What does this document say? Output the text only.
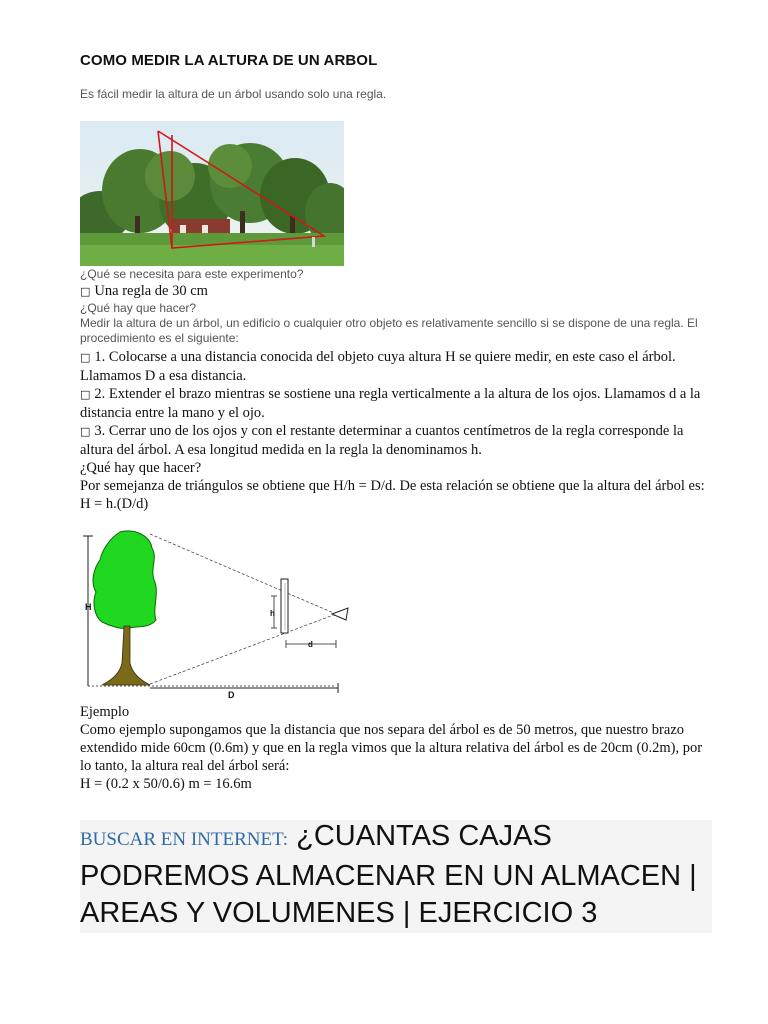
COMO MEDIR LA ALTURA DE UN ARBOL
Es fácil medir la altura de un árbol usando solo una regla.
¿Qué se necesita para este experimento?
□ Una regla de 30 cm
¿Qué hay que hacer?
Medir la altura de un árbol, un edificio o cualquier otro objeto es relativamente sencillo si se dispone de una regla. El procedimiento es el siguiente:
□ 1. Colocarse a una distancia conocida del objeto cuya altura H se quiere medir, en este caso el árbol. Llamamos D a esa distancia.
□ 2. Extender el brazo mientras se sostiene una regla verticalmente a la altura de los ojos. Llamamos d a la distancia entre la mano y el ojo.
□ 3. Cerrar uno de los ojos y con el restante determinar a cuantos centímetros de la regla corresponde la altura del árbol. A esa longitud medida en la regla la denominamos h.
¿Qué hay que hacer?
Por semejanza de triángulos se obtiene que H/h = D/d. De esta relación se obtiene que la altura del árbol es:
H = h.(D/d)
H
D
h
d
Ejemplo
Como ejemplo supongamos que la distancia que nos separa del árbol es de 50 metros, que nuestro brazo extendido mide 60cm (0.6m) y que en la regla vimos que la altura relativa del árbol es de 20cm (0.2m), por lo tanto, la altura real del árbol será:
H = (0.2 x 50/0.6) m = 16.6m
BUSCAR EN INTERNET: ¿CUANTAS CAJAS PODREMOS ALMACENAR EN UN ALMACEN | AREAS Y VOLUMENES | EJERCICIO 3
